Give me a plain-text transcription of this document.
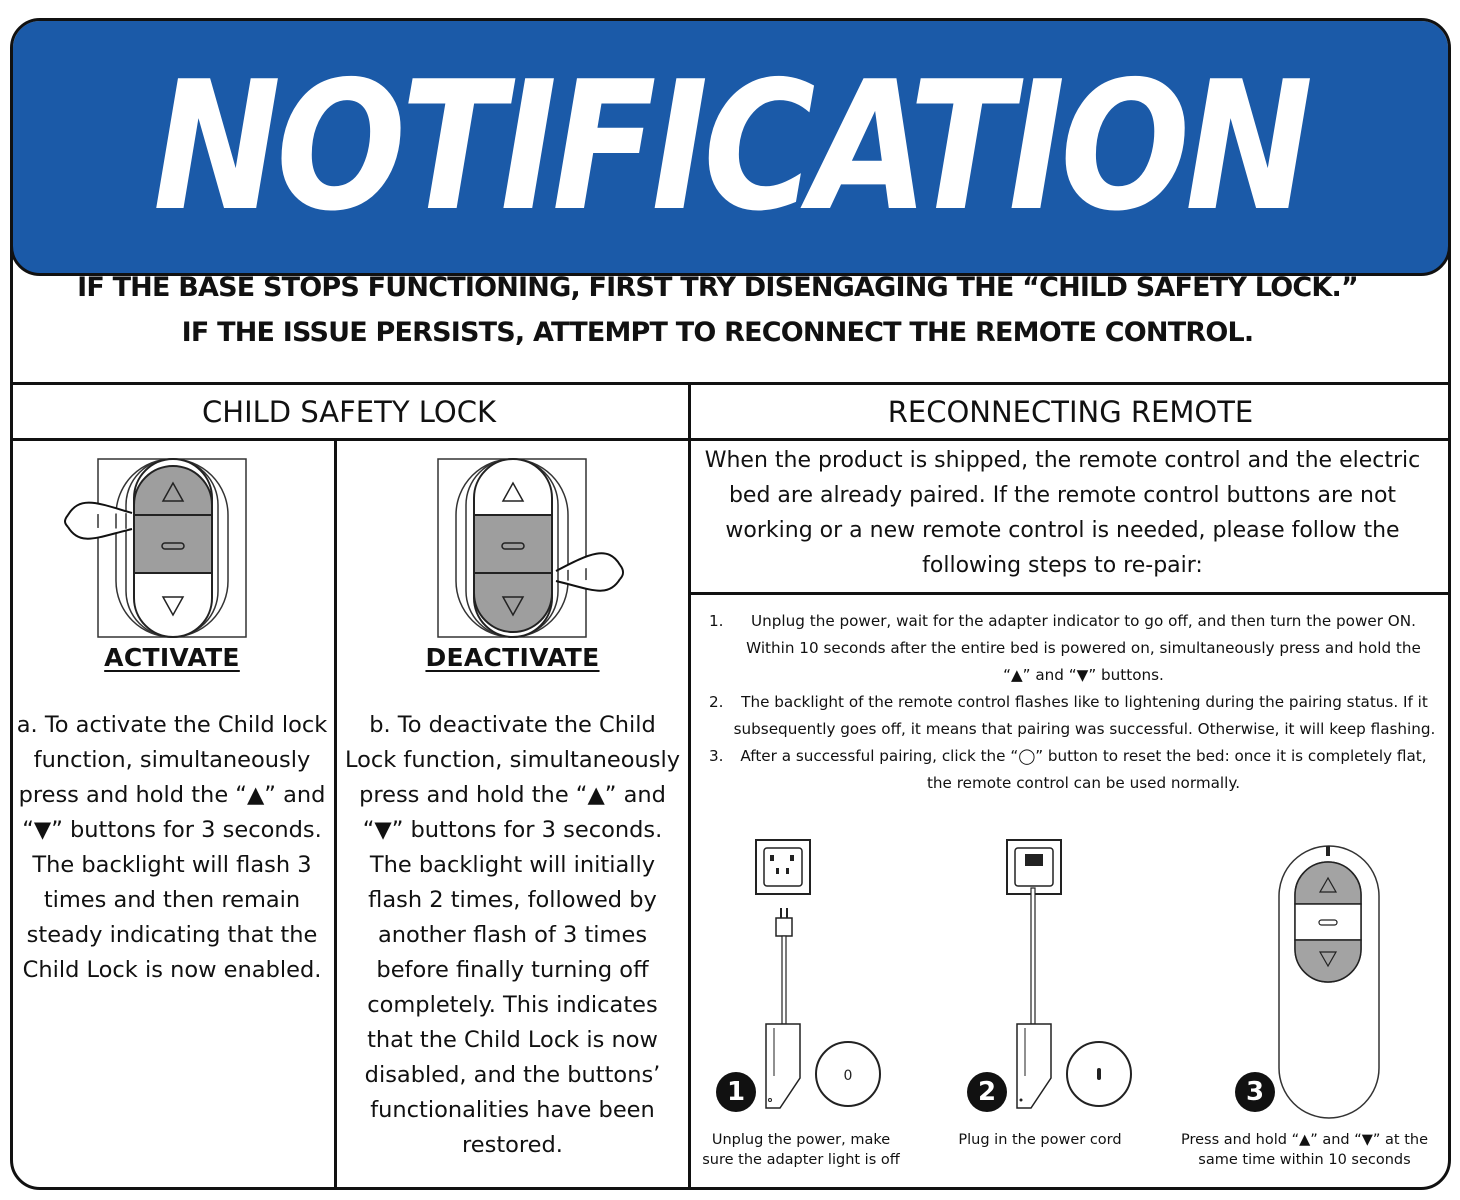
NOTIFICATION
IF THE BASE STOPS FUNCTIONING, FIRST TRY DISENGAGING THE “CHILD SAFETY LOCK.”
IF THE ISSUE PERSISTS, ATTEMPT TO RECONNECT THE REMOTE CONTROL.
CHILD SAFETY LOCK	RECONNECTING REMOTE
ACTIVATE	DEACTIVATE
a. To activate the Child lock function, simultaneously press and hold the “▲” and “▼” buttons for 3 seconds. The backlight will flash 3 times and then remain steady indicating that the Child Lock is now enabled.
b. To deactivate the Child Lock function, simultaneously press and hold the “▲” and “▼” buttons for 3 seconds. The backlight will initially flash 2 times, followed by another flash of 3 times before finally turning off completely. This indicates that the Child Lock is now disabled, and the buttons’ functionalities have been restored.
When the product is shipped, the remote control and the electric bed are already paired. If the remote control buttons are not working or a new remote control is needed, please follow the following steps to re-pair:
1.	Unplug the power, wait for the adapter indicator to go off, and then turn the power ON. Within 10 seconds after the entire bed is powered on, simultaneously press and hold the “▲” and “▼” buttons.
2.	The backlight of the remote control flashes like to lightening during the pairing status. If it subsequently goes off, it means that pairing was successful. Otherwise, it will keep flashing.
3.	After a successful pairing, click the “◯” button to reset the bed: once it is completely flat, the remote control can be used normally.
0
1	2	3
Unplug the power, make sure the adapter light is off
Plug in the power cord	Press and hold “▲” and “▼” at the same time within 10 seconds
